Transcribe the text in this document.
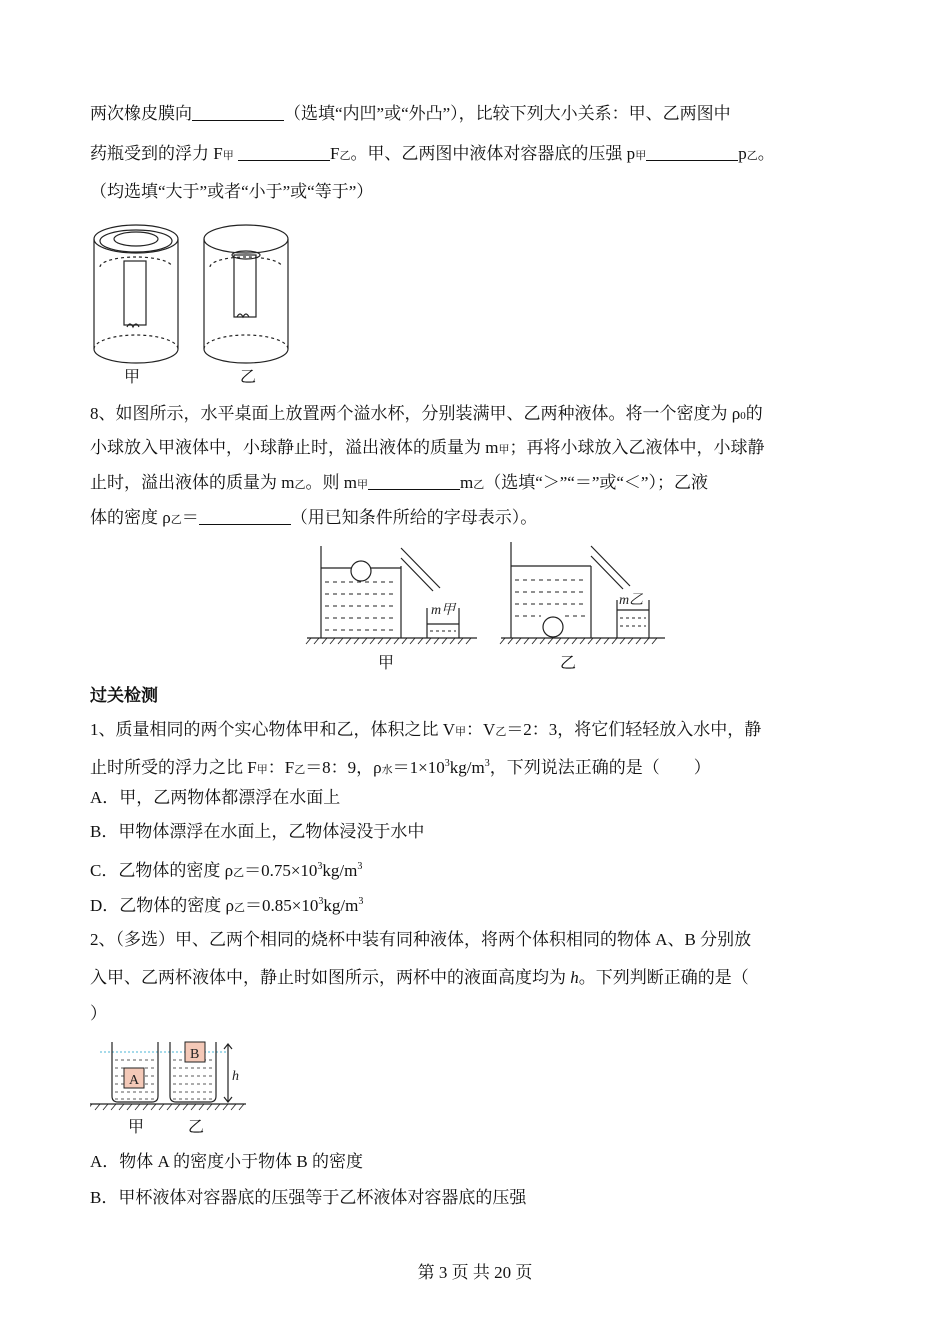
两次橡皮膜向	（选填“内凹”或“外凸”），比较下列大小关系：甲、乙两图中
药瓶受到的浮力 F甲	F乙。甲、乙两图中液体对容器底的压强 p甲	p乙。
（均选填“大于”或者“小于”或“等于”）
甲	乙
8、如图所示，水平桌面上放置两个溢水杯，分别装满甲、乙两种液体。将一个密度为 ρ0的
小球放入甲液体中，小球静止时，溢出液体的质量为 m甲；再将小球放入乙液体中，小球静
止时，溢出液体的质量为 m乙。则 m甲	m乙（选填“＞”“＝”或“＜”）；乙液
体的密度 ρ乙＝	（用已知条件所给的字母表示）。
m甲
m乙
甲	乙
过关检测
1、质量相同的两个实心物体甲和乙，体积之比 V甲：V乙＝2：3，将它们轻轻放入水中，静
止时所受的浮力之比 F甲：F乙＝8：9，ρ水$=1\times 10^3kg/m^3$，下列说法正确的是（　　）
A．甲，乙两物体都漂浮在水面上
B．甲物体漂浮在水面上，乙物体浸没于水中
C．乙物体的密度 ρ乙$=0.75\times 10^3kg/m^3$
D．乙物体的密度 ρ乙$=0.85\times 10^3kg/m^3$
2、（多选）甲、乙两个相同的烧杯中装有同种液体，将两个体积相同的物体 A、B 分别放
入甲、乙两杯液体中，静止时如图所示，两杯中的液面高度均为 h。下列判断正确的是（
）
A
B
h
甲	乙
A．物体 A 的密度小于物体 B 的密度
B．甲杯液体对容器底的压强等于乙杯液体对容器底的压强
第 3 页 共 20 页
